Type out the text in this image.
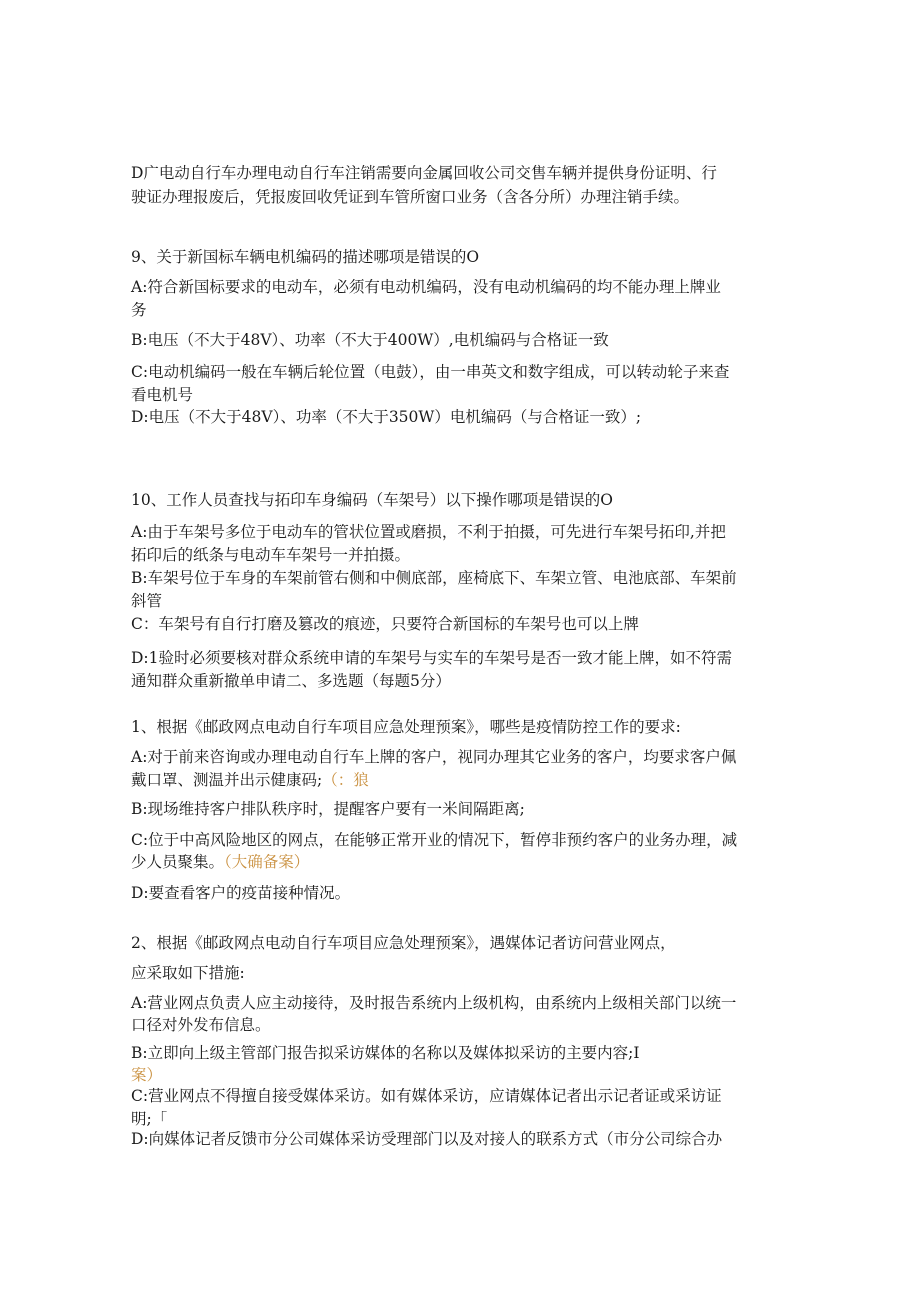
D广电动自行车办理电动自行车注销需要向金属回收公司交售车辆并提供身份证明、行
驶证办理报废后，凭报废回收凭证到车管所窗口业务（含各分所）办理注销手续。
9、关于新国标车辆电机编码的描述哪项是错误的O
A:符合新国标要求的电动车，必须有电动机编码，没有电动机编码的均不能办理上牌业
务
B:电压（不大于48V）、功率（不大于400W）,电机编码与合格证一致
C:电动机编码一般在车辆后轮位置（电鼓），由一串英文和数字组成，可以转动轮子来查
看电机号
D:电压（不大于48V）、功率（不大于350W）电机编码（与合格证一致）;
10、工作人员查找与拓印车身编码（车架号）以下操作哪项是错误的O
A:由于车架号多位于电动车的管状位置或磨损，不利于拍摄，可先进行车架号拓印,并把
拓印后的纸条与电动车车架号一并拍摄。
B:车架号位于车身的车架前管右侧和中侧底部，座椅底下、车架立管、电池底部、车架前
斜管
C：车架号有自行打磨及篡改的痕迹，只要符合新国标的车架号也可以上牌
D:1验时必须要核对群众系统申请的车架号与实车的车架号是否一致才能上牌，如不符需
通知群众重新撤单申请二、多选题（每题5分）
1、根据《邮政网点电动自行车项目应急处理预案》，哪些是疫情防控工作的要求:
A:对于前来咨询或办理电动自行车上牌的客户，视同办理其它业务的客户，均要求客户佩
戴口罩、测温并出示健康码;（：狼
B:现场维持客户排队秩序时，提醒客户要有一米间隔距离;
C:位于中高风险地区的网点，在能够正常开业的情况下，暂停非预约客户的业务办理，减
少人员聚集。（大确备案）
D:要查看客户的疫苗接种情况。
2、根据《邮政网点电动自行车项目应急处理预案》，遇媒体记者访问营业网点，
应采取如下措施:
A:营业网点负责人应主动接待，及时报告系统内上级机构，由系统内上级相关部门以统一
口径对外发布信息。
B:立即向上级主管部门报告拟采访媒体的名称以及媒体拟采访的主要内容;I
案）
C:营业网点不得擅自接受媒体采访。如有媒体采访，应请媒体记者出示记者证或采访证
明;「
D:向媒体记者反馈市分公司媒体采访受理部门以及对接人的联系方式（市分公司综合办
